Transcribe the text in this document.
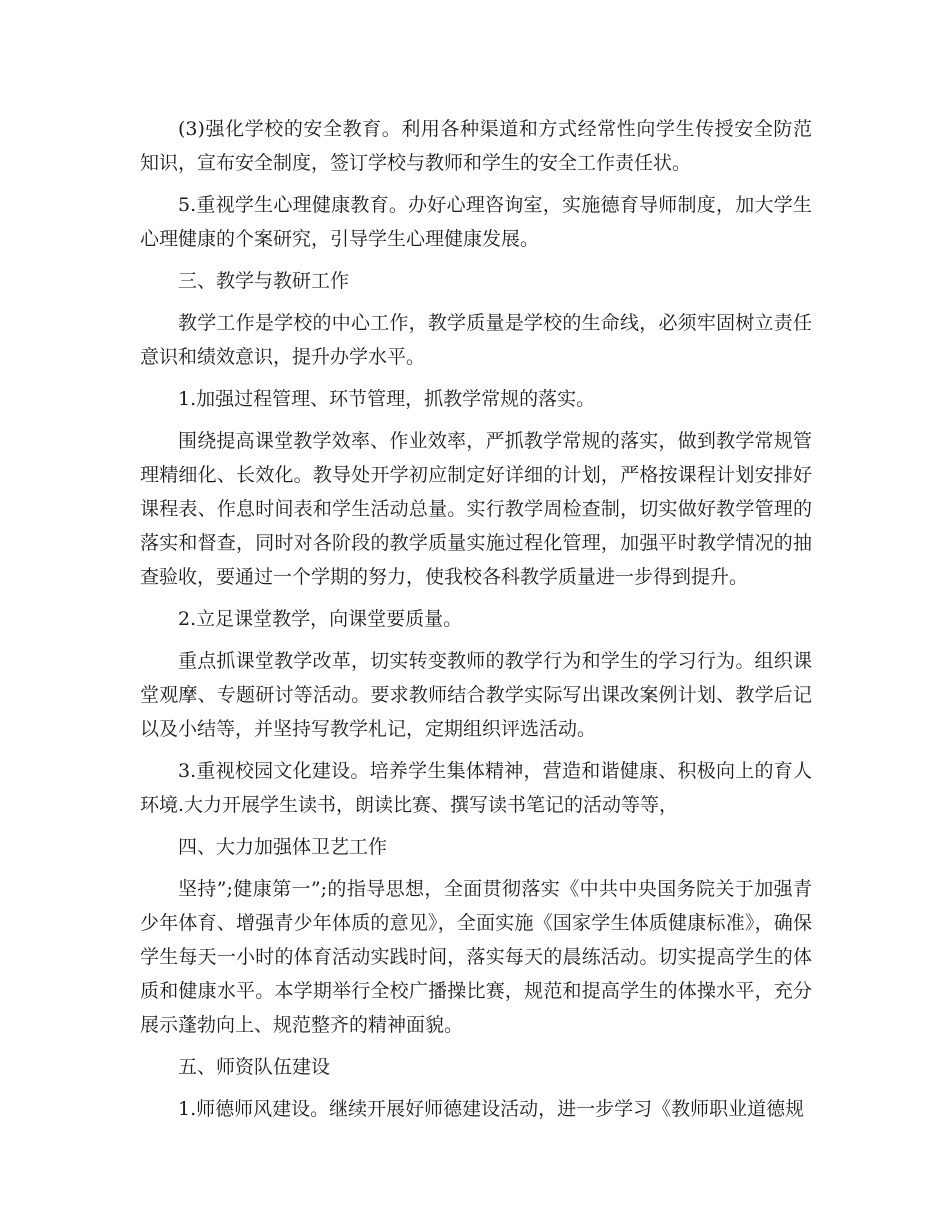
(3)强化学校的安全教育。利用各种渠道和方式经常性向学生传授安全防范知识，宣布安全制度，签订学校与教师和学生的安全工作责任状。

5.重视学生心理健康教育。办好心理咨询室，实施德育导师制度，加大学生心理健康的个案研究，引导学生心理健康发展。

三、教学与教研工作

教学工作是学校的中心工作，教学质量是学校的生命线，必须牢固树立责任意识和绩效意识，提升办学水平。

1.加强过程管理、环节管理，抓教学常规的落实。

围绕提高课堂教学效率、作业效率，严抓教学常规的落实，做到教学常规管理精细化、长效化。教导处开学初应制定好详细的计划，严格按课程计划安排好课程表、作息时间表和学生活动总量。实行教学周检查制，切实做好教学管理的落实和督查，同时对各阶段的教学质量实施过程化管理，加强平时教学情况的抽查验收，要通过一个学期的努力，使我校各科教学质量进一步得到提升。

2.立足课堂教学，向课堂要质量。

重点抓课堂教学改革，切实转变教师的教学行为和学生的学习行为。组织课堂观摩、专题研讨等活动。要求教师结合教学实际写出课改案例计划、教学后记以及小结等，并坚持写教学札记，定期组织评选活动。

3.重视校园文化建设。培养学生集体精神，营造和谐健康、积极向上的育人环境.大力开展学生读书，朗读比赛、撰写读书笔记的活动等等，

四、大力加强体卫艺工作

坚持”;健康第一”;的指导思想，全面贯彻落实《中共中央国务院关于加强青少年体育、增强青少年体质的意见》，全面实施《国家学生体质健康标准》，确保学生每天一小时的体育活动实践时间，落实每天的晨练活动。切实提高学生的体质和健康水平。本学期举行全校广播操比赛，规范和提高学生的体操水平，充分展示蓬勃向上、规范整齐的精神面貌。

五、师资队伍建设

1.师德师风建设。继续开展好师德建设活动，进一步学习《教师职业道德规
